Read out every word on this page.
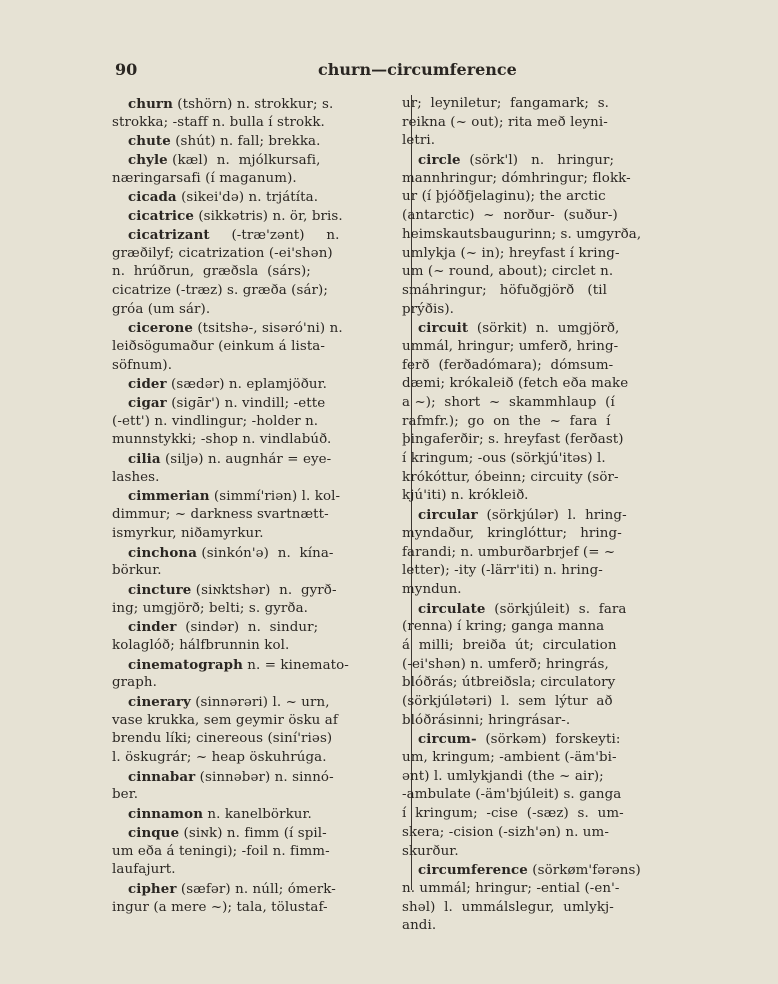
90	churn—circumference
churn (tshörn) n. strokkur; s.
strokka; -staff n. bulla í strokk.
chute (shút) n. fall; brekka.
chyle (kæl)  n.  mjólkursafi,
næringarsafi (í maganum).
cicada (sikei'də) n. trjátíta.
cicatrice (sikkətris) n. ör, bris.
cicatrizant     (-træ'zənt)     n.
græðilyf; cicatrization (-ei'shən)
n.  hrúðrun,  græðsla  (sárs);
cicatrize (-træz) s. græða (sár);
gróa (um sár).
cicerone (tsitshə-, sisəró'ni) n.
leiðsögumaður (einkum á lista-
söfnum).
cider (sædər) n. eplamjöður.
cigar (sigār') n. vindill; -ette
(-ett') n. vindlingur; -holder n.
munnstykki; -shop n. vindlabúð.
cilia (siljə) n. augnhár = eye-
lashes.
cimmerian (simmí'riən) l. kol-
dimmur; ~ darkness svartnætt-
ismyrkur, niðamyrkur.
cinchona (sinkón'ə)  n.  kína-
börkur.
cincture (siɴktshər)  n.  gyrð-
ing; umgjörð; belti; s. gyrða.
cinder  (sindər)  n.  sindur;
kolaglóð; hálfbrunnin kol.
cinematograph n. = kinemato-
graph.
cinerary (sinnərəri) l. ~ urn,
vase krukka, sem geymir ösku af
brendu líki; cinereous (siní'riəs)
l. öskugrár; ~ heap öskuhrúga.
cinnabar (sinnəbər) n. sinnó-
ber.
cinnamon n. kanelbörkur.
cinque (siɴk) n. fimm (í spil-
um eða á teningi); -foil n. fimm-
laufajurt.
cipher (sæfər) n. núll; ómerk-
ingur (a mere ~); tala, tölustaf-
ur;  leyniletur;  fangamark;  s.
reikna (~ out); rita með leyni-
letri.
circle  (sörk'l)   n.   hringur;
mannhringur; dómhringur; flokk-
ur (í þjóðfjelaginu); the arctic
(antarctic)  ~  norður-  (suður-)
heimskautsbaugurinn; s. umgyrða,
umlykja (~ in); hreyfast í kring-
um (~ round, about); circlet n.
smáhringur;   höfuðgjörð   (til
prýðis).
circuit  (sörkit)  n.  umgjörð,
ummál, hringur; umferð, hring-
ferð  (ferðadómara);  dómsum-
dæmi; krókaleið (fetch eða make
a ~);  short  ~  skammhlaup  (í
rafmfr.);  go  on  the  ~  fara  í
þingaferðir; s. hreyfast (ferðast)
í kringum; -ous (sörkjú'itəs) l.
krókóttur, óbeinn; circuity (sör-
kjú'iti) n. krókleið.
circular  (sörkjúlər)  l.  hring-
myndaður,   kringlóttur;   hring-
farandi; n. umburðarbrjef (= ~
letter); -ity (-lärr'iti) n. hring-
myndun.
circulate  (sörkjúleit)  s.  fara
(renna) í kring; ganga manna
á  milli;  breiða  út;  circulation
(-ei'shən) n. umferð; hringrás,
blóðrás; útbreiðsla; circulatory
(sörkjúlətəri)  l.  sem  lýtur  að
blóðrásinni; hringrásar-.
circum-  (sörkəm)  forskeyti:
um, kringum; -ambient (-äm'bi-
ənt) l. umlykjandi (the ~ air);
-ambulate (-äm'bjúleit) s. ganga
í  kringum;  -cise  (-sæz)  s.  um-
skera; -cision (-sizh'ən) n. um-
skurður.
circumference (sörkøm'fərəns)
n. ummál; hringur; -ential (-en'-
shəl)  l.  ummálslegur,  umlykj-
andi.
